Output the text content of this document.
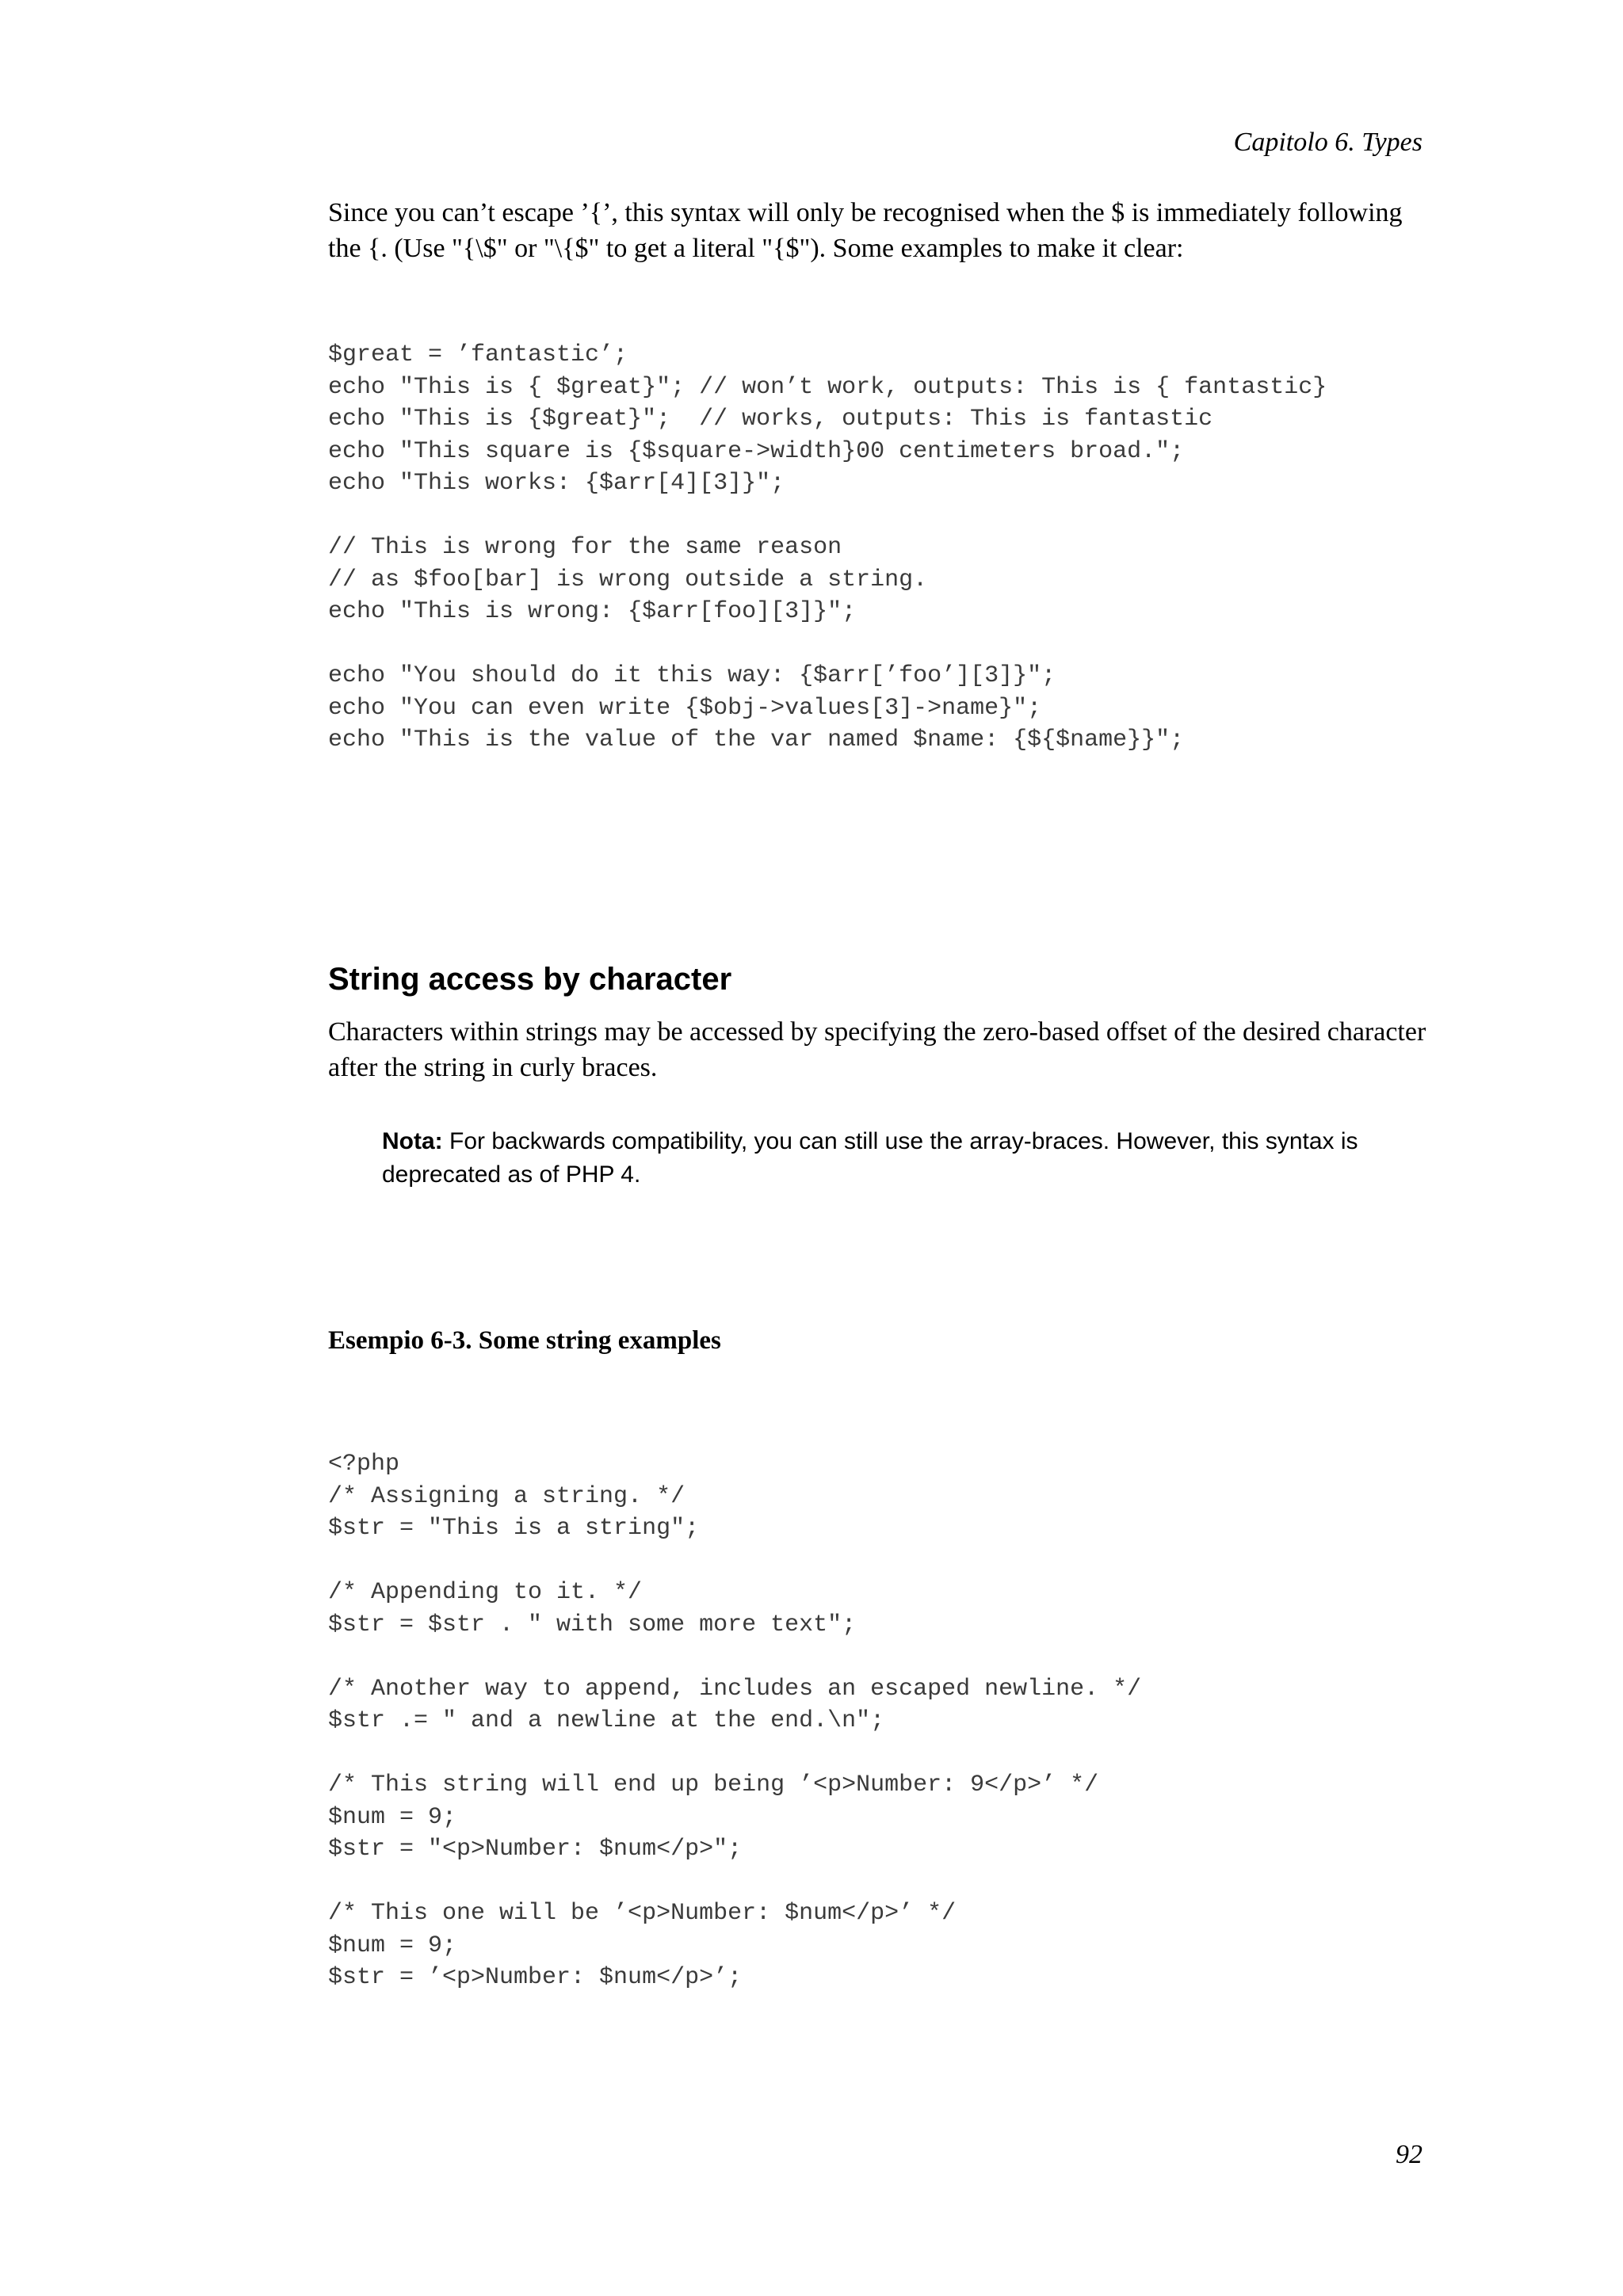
Capitolo 6. Types

Since you can’t escape ’{’, this syntax will only be recognised when the $ is immediately following the {. (Use "{\$" or "\{$" to get a literal "{$"). Some examples to make it clear:

$great = ’fantastic’;
echo "This is { $great}"; // won’t work, outputs: This is { fantastic}
echo "This is {$great}";  // works, outputs: This is fantastic
echo "This square is {$square->width}00 centimeters broad.";
echo "This works: {$arr[4][3]}";

// This is wrong for the same reason
// as $foo[bar] is wrong outside a string.
echo "This is wrong: {$arr[foo][3]}";

echo "You should do it this way: {$arr[’foo’][3]}";
echo "You can even write {$obj->values[3]->name}";
echo "This is the value of the var named $name: {${$name}}";
String access by character

Characters within strings may be accessed by specifying the zero-based offset of the desired character after the string in curly braces.

Nota: For backwards compatibility, you can still use the array-braces. However, this syntax is deprecated as of PHP 4.

Esempio 6-3. Some string examples
<?php
/* Assigning a string. */
$str = "This is a string";

/* Appending to it. */
$str = $str . " with some more text";

/* Another way to append, includes an escaped newline. */
$str .= " and a newline at the end.\n";

/* This string will end up being ’<p>Number: 9</p>’ */
$num = 9;
$str = "<p>Number: $num</p>";

/* This one will be ’<p>Number: $num</p>’ */
$num = 9;
$str = ’<p>Number: $num</p>’;
92
